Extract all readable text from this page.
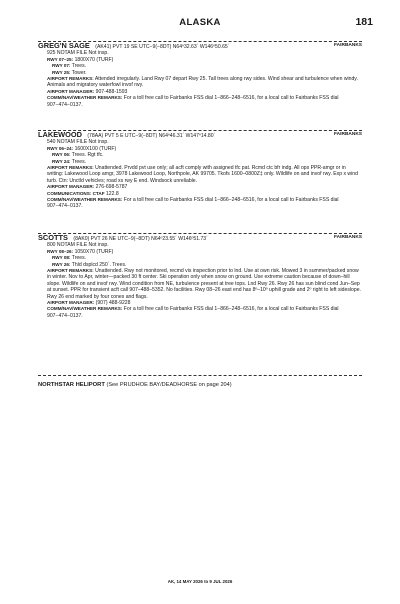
ALASKA	181
FAIRBANKS
GREG'N SAGE (AK41) PVT 19 SE UTC−9(−8DT) N64º32.63´ W146º50.65´
925 NOTAM FILE Not insp.
RWY 07–25: 1800X70 (TURF)
RWY 07: Trees.
RWY 25: Tower.
AIRPORT REMARKS: Attended irregularly. Land Rwy 07 depart Rwy 25. Tall trees along rwy sides. Wind shear and turbulence when windy. Animals and migratory waterfowl invof rwy.
AIRPORT MANAGER: 907-488-1593
COMM/NAV/WEATHER REMARKS: For a toll free call to Fairbanks FSS dial 1−866−248−6516, for a local call to Fairbanks FSS dial 907−474−0137.
FAIRBANKS
LAKEWOOD (78AA) PVT 5 E UTC−9(−8DT) N64º46.31´ W147º14.80´
540 NOTAM FILE Not insp.
RWY 06–24: 1600X100 (TURF)
RWY 06: Trees. Rgt tfc.
RWY 24: Trees.
AIRPORT REMARKS: Unattended. Prvdd pvt use only; all acft comply with assigned tfc pat. Rcmd ctc bfr indg. All ops PPR-amgr or in writing: Lakewood Loop amgr, 3978 Lakewood Loop, Northpole, AK 99705. Tkofs 1600–0800Z‡ only. Wildlife on and invof rwy. Exp x wind turb. Ctn: Unctld vehicles; road xs rwy E end. Windsock unreliable.
AIRPORT MANAGER: 276-698-5787
COMMUNICATIONS: CTAF 122.8
COMM/NAV/WEATHER REMARKS: For a toll free call to Fairbanks FSS dial 1−866−248−6516, for a local call to Fairbanks FSS dial 907−474−0137.
FAIRBANKS
SCOTTS (8AK0) PVT 26 NE UTC−9(−8DT) N64º23.55´ W146º51.73´
800 NOTAM FILE Not insp.
RWY 08–26: 1050X70 (TURF)
RWY 08: Trees.
RWY 26: Thld dsplcd 250´. Trees.
AIRPORT REMARKS: Unattended. Rwy not monitored, recmd vis inspection prior to lnd. Use at own risk. Mowed 3 in summer/packed snow in winter. Nov to Apr, winter—packed 30 ft center. Ski operation only when snow on ground. Use extreme caution because of down–hill slope. Wildlife on and invof rwy. Wind condition from NE, turbulence present at tree tops. Lnd Rwy 26. Rwy 26 has sun blind cond Jun–Sep at sunset. PPR for transient acft call 907–488–5352. No facilities. Rwy 08–26 east end has 8º–10º uphill grade and 2º right to left sideslope. Rwy 26 end marked by four cones and flags.
AIRPORT MANAGER: (907) 488-9228
COMM/NAV/WEATHER REMARKS: For a toll free call to Fairbanks FSS dial 1−866−248−6516, for a local call to Fairbanks FSS dial 907−474−0137.
NORTHSTAR HELIPORT (See PRUDHOE BAY/DEADHORSE on page 204)
AK, 14 MAY 2026 to 9 JUL 2026
